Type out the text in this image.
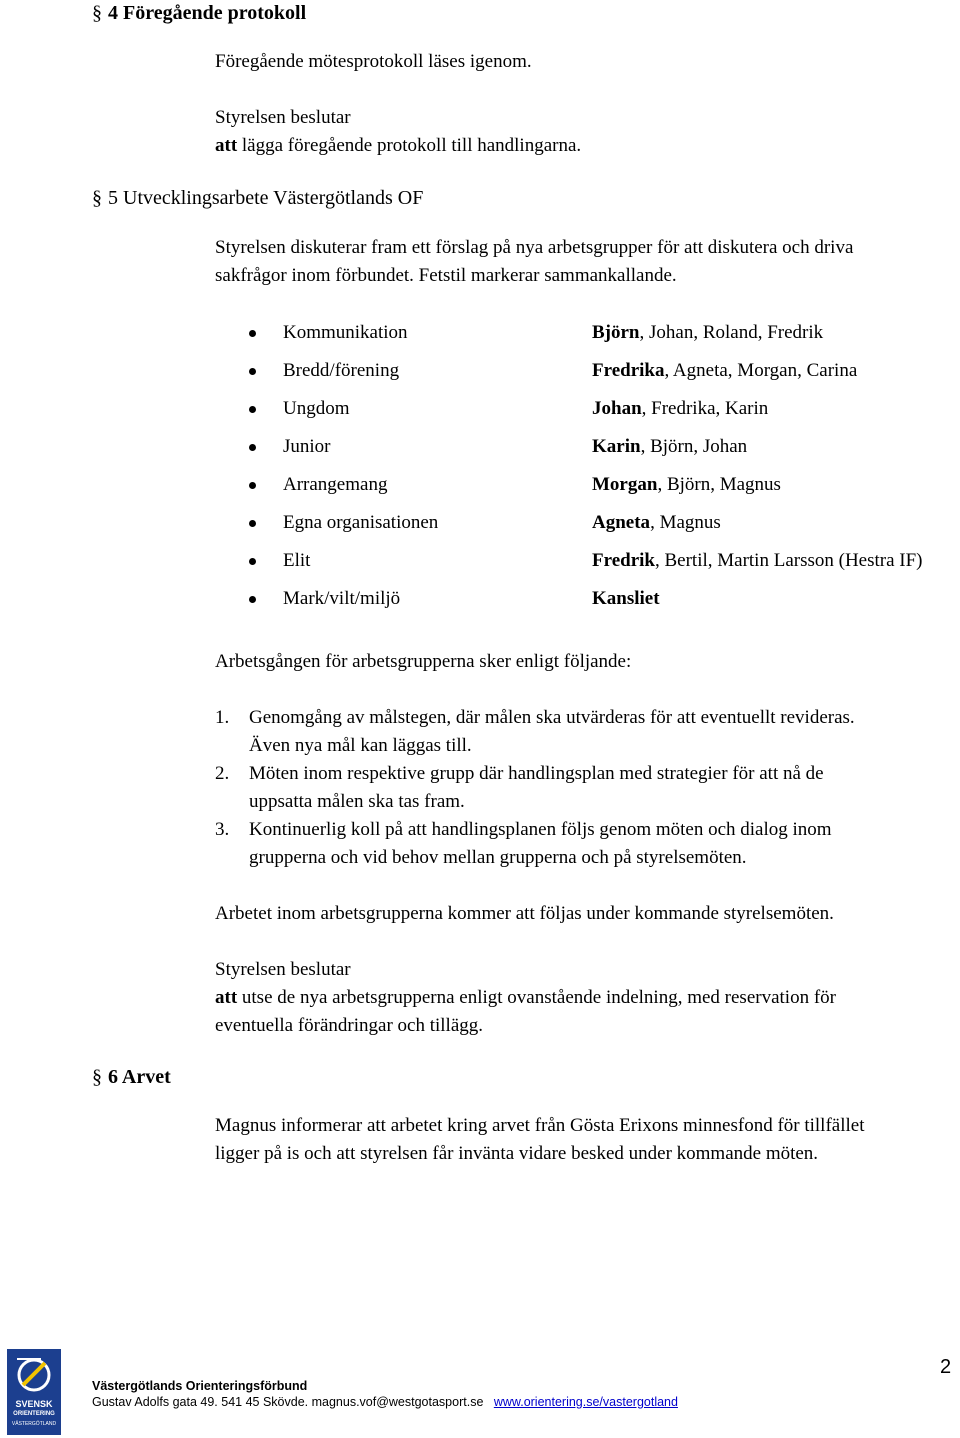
§ 4 Föregående protokoll
Föregående mötesprotokoll läses igenom.
Styrelsen beslutar
att lägga föregående protokoll till handlingarna.
§ 5 Utvecklingsarbete Västergötlands OF
Styrelsen diskuterar fram ett förslag på nya arbetsgrupper för att diskutera och driva
sakfrågor inom förbundet. Fetstil markerar sammankallande.
Kommunikation	Björn, Johan, Roland, Fredrik
Bredd/förening	Fredrika, Agneta, Morgan, Carina
Ungdom	Johan, Fredrika, Karin
Junior	Karin, Björn, Johan
Arrangemang	Morgan, Björn, Magnus
Egna organisationen	Agneta, Magnus
Elit	Fredrik, Bertil, Martin Larsson (Hestra IF)
Mark/vilt/miljö	Kansliet
Arbetsgången för arbetsgrupperna sker enligt följande:
1. Genomgång av målstegen, där målen ska utvärderas för att eventuellt revideras.
Även nya mål kan läggas till.
2. Möten inom respektive grupp där handlingsplan med strategier för att nå de
uppsatta målen ska tas fram.
3. Kontinuerlig koll på att handlingsplanen följs genom möten och dialog inom
grupperna och vid behov mellan grupperna och på styrelsemöten.
Arbetet inom arbetsgrupperna kommer att följas under kommande styrelsemöten.
Styrelsen beslutar
att utse de nya arbetsgrupperna enligt ovanstående indelning, med reservation för
eventuella förändringar och tillägg.
§ 6 Arvet
Magnus informerar att arbetet kring arvet från Gösta Erixons minnesfond för tillfället
ligger på is och att styrelsen får invänta vidare besked under kommande möten.
SVENSK
ORIENTERING
VÄSTERGÖTLAND
Västergötlands Orienteringsförbund
Gustav Adolfs gata 49. 541 45 Skövde. magnus.vof@westgotasport.se www.orientering.se/vastergotland
2
